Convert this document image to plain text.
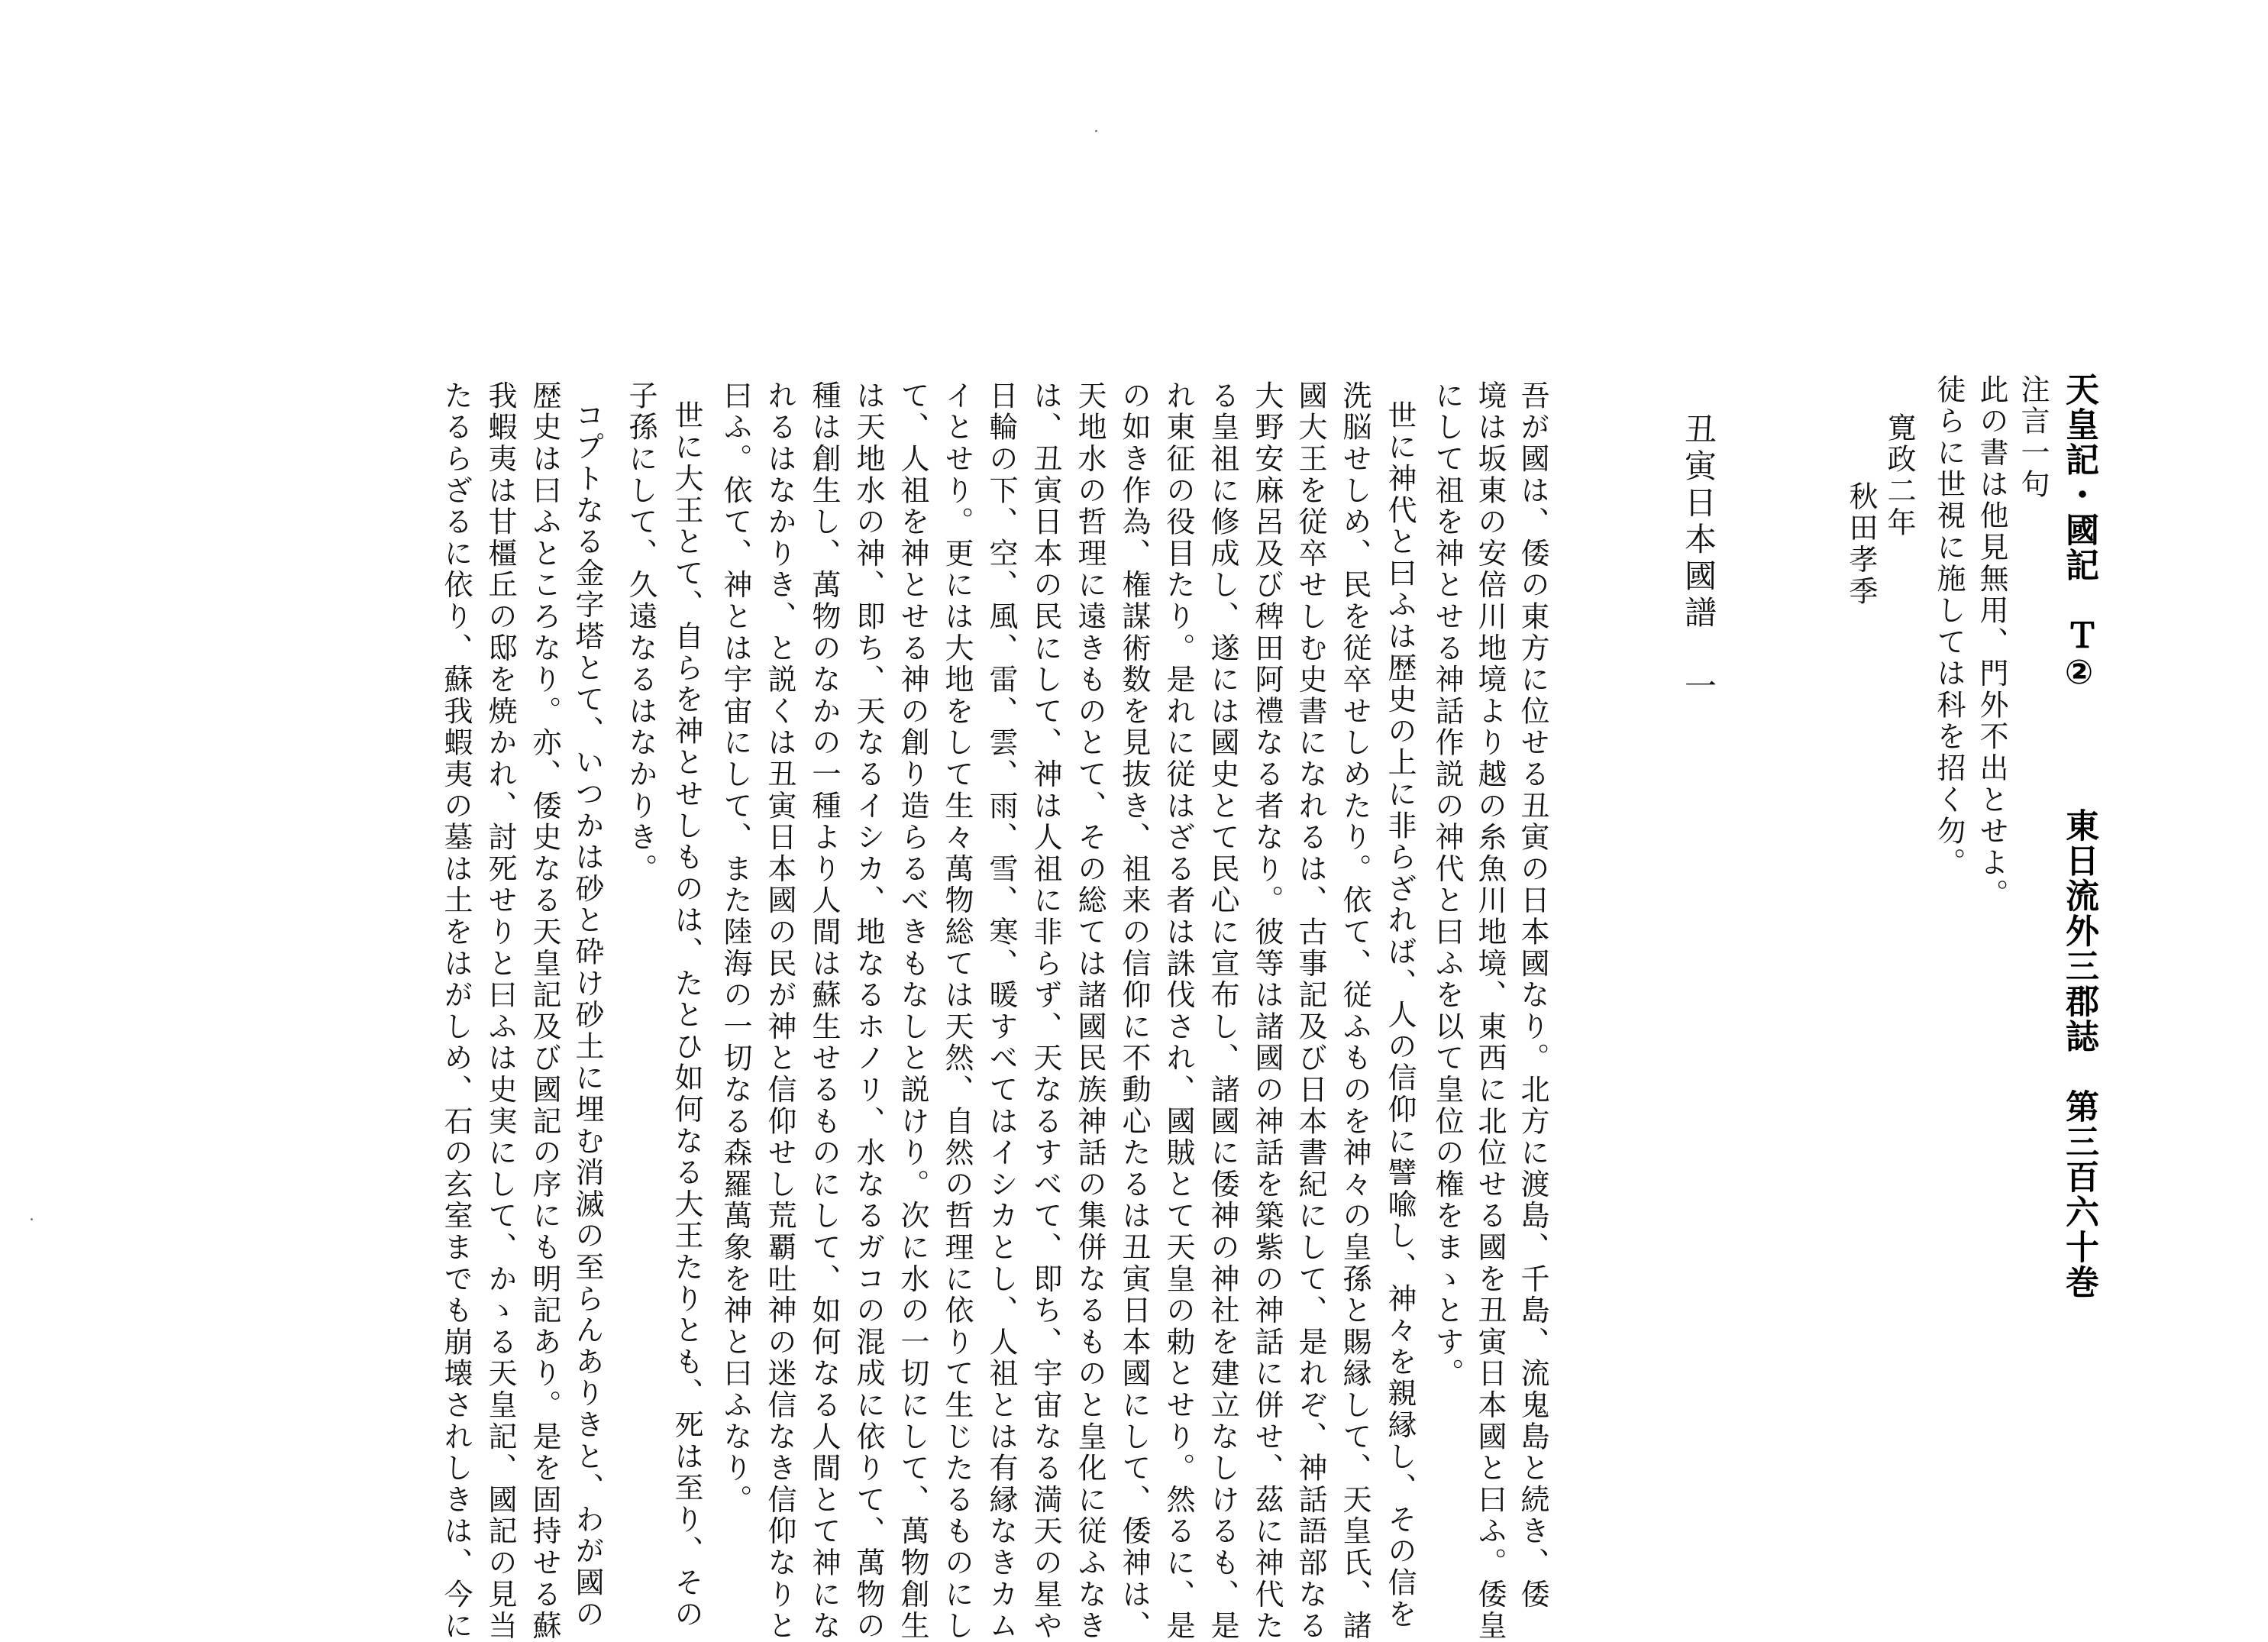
天皇記・國記　Ｔ②東日流外三郡誌　第三百六十巻
注言一句
此の書は他見無用、門外不出とせよ。
徒らに世視に施しては科を招く勿。
寛政二年
秋田孝季
丑寅日本國譜　一
吾が國は、倭の東方に位せる丑寅の日本國なり。北方に渡島、千島、流鬼島と続き、倭
境は坂東の安倍川地境より越の糸魚川地境、東西に北位せる國を丑寅日本國と曰ふ。倭皇
にして祖を神とせる神話作説の神代と曰ふを以て皇位の権をまゝとす。
世に神代と曰ふは歴史の上に非らざれば、人の信仰に譬喩し、神々を親縁し、その信を
洗脳せしめ、民を従卒せしめたり。依て、従ふものを神々の皇孫と賜縁して、天皇氏、諸
國大王を従卒せしむ史書になれるは、古事記及び日本書紀にして、是れぞ、神話語部なる
大野安麻呂及び稗田阿禮なる者なり。彼等は諸國の神話を築紫の神話に併せ、茲に神代た
る皇祖に修成し、遂には國史とて民心に宣布し、諸國に倭神の神社を建立なしけるも、是
れ東征の役目たり。是れに従はざる者は誅伐され、國賊とて天皇の勅とせり。然るに、是
の如き作為、権謀術数を見抜き、祖来の信仰に不動心たるは丑寅日本國にして、倭神は、
天地水の哲理に遠きものとて、その総ては諸國民族神話の集併なるものと皇化に従ふなき
は、丑寅日本の民にして、神は人祖に非らず、天なるすべて、即ち、宇宙なる満天の星や
日輪の下、空、風、雷、雲、雨、雪、寒、暖すべてはイシカとし、人祖とは有縁なきカム
イとせり。更には大地をして生々萬物総ては天然、自然の哲理に依りて生じたるものにし
て、人祖を神とせる神の創り造らるべきもなしと説けり。次に水の一切にして、萬物創生
は天地水の神、即ち、天なるイシカ、地なるホノリ、水なるガコの混成に依りて、萬物の
種は創生し、萬物のなかの一種より人間は蘇生せるものにして、如何なる人間とて神にな
れるはなかりき、と説くは丑寅日本國の民が神と信仰せし荒覇吐神の迷信なき信仰なりと
曰ふ。依て、神とは宇宙にして、また陸海の一切なる森羅萬象を神と曰ふなり。
世に大王とて、自らを神とせしものは、たとひ如何なる大王たりとも、死は至り、その
子孫にして、久遠なるはなかりき。
コプトなる金字塔とて、いつかは砂と砕け砂土に埋む消滅の至らんありきと、わが國の
歴史は曰ふところなり。亦、倭史なる天皇記及び國記の序にも明記あり。是を固持せる蘇
我蝦夷は甘橿丘の邸を焼かれ、討死せりと曰ふは史実にして、かゝる天皇記、國記の見当
たるらざるに依り、蘇我蝦夷の墓は土をはがしめ、石の玄室までも崩壊されしきは、今に
